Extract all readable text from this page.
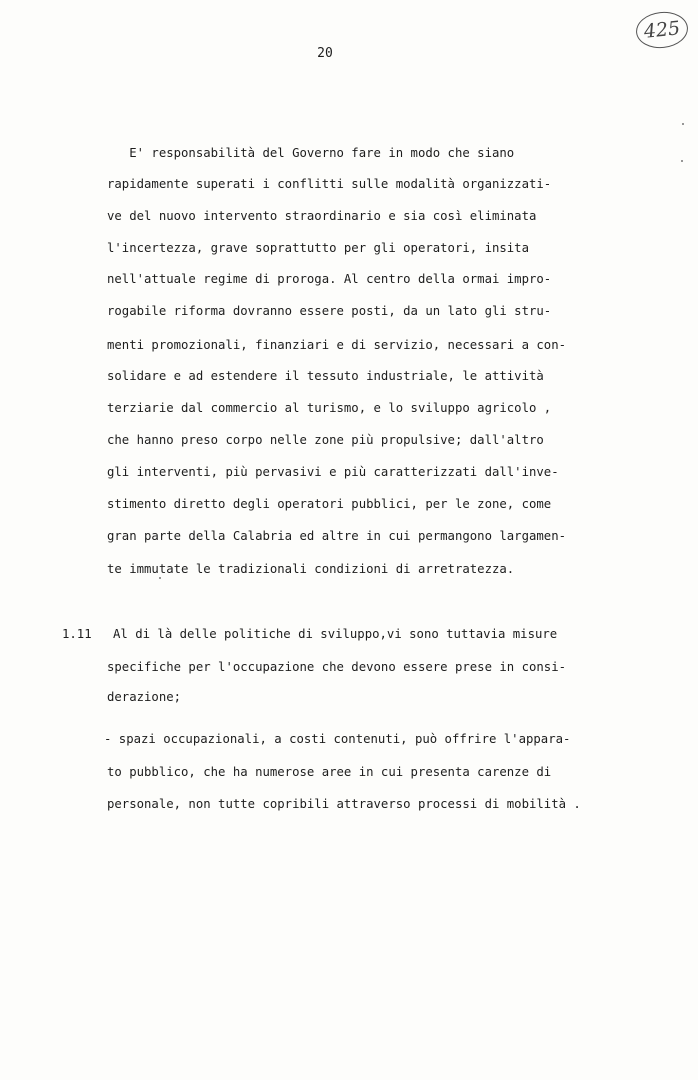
425
20
E' responsabilità del Governo fare in modo che siano
rapidamente superati i conflitti sulle modalità organizzati-
ve del nuovo intervento straordinario e sia così eliminata
l'incertezza, grave soprattutto per gli operatori, insita
nell'attuale regime di proroga. Al centro della ormai impro-
rogabile riforma dovranno essere posti, da un lato gli stru-
menti promozionali, finanziari e di servizio, necessari a con-
solidare e ad estendere il tessuto industriale, le attività
terziarie dal commercio al turismo, e lo sviluppo agricolo ,
che hanno preso corpo nelle zone più propulsive; dall'altro
gli interventi, più pervasivi e più caratterizzati dall'inve-
stimento diretto degli operatori pubblici, per le zone, come
gran parte della Calabria ed altre in cui permangono largamen-
te immutate le tradizionali condizioni di arretratezza.
1.11 Al di là delle politiche di sviluppo,vi sono tuttavia misure
specifiche per l'occupazione che devono essere prese in consi-
derazione;
- spazi occupazionali, a costi contenuti, può offrire l'appara-
to pubblico, che ha numerose aree in cui presenta carenze di
personale, non tutte copribili attraverso processi di mobilità .
